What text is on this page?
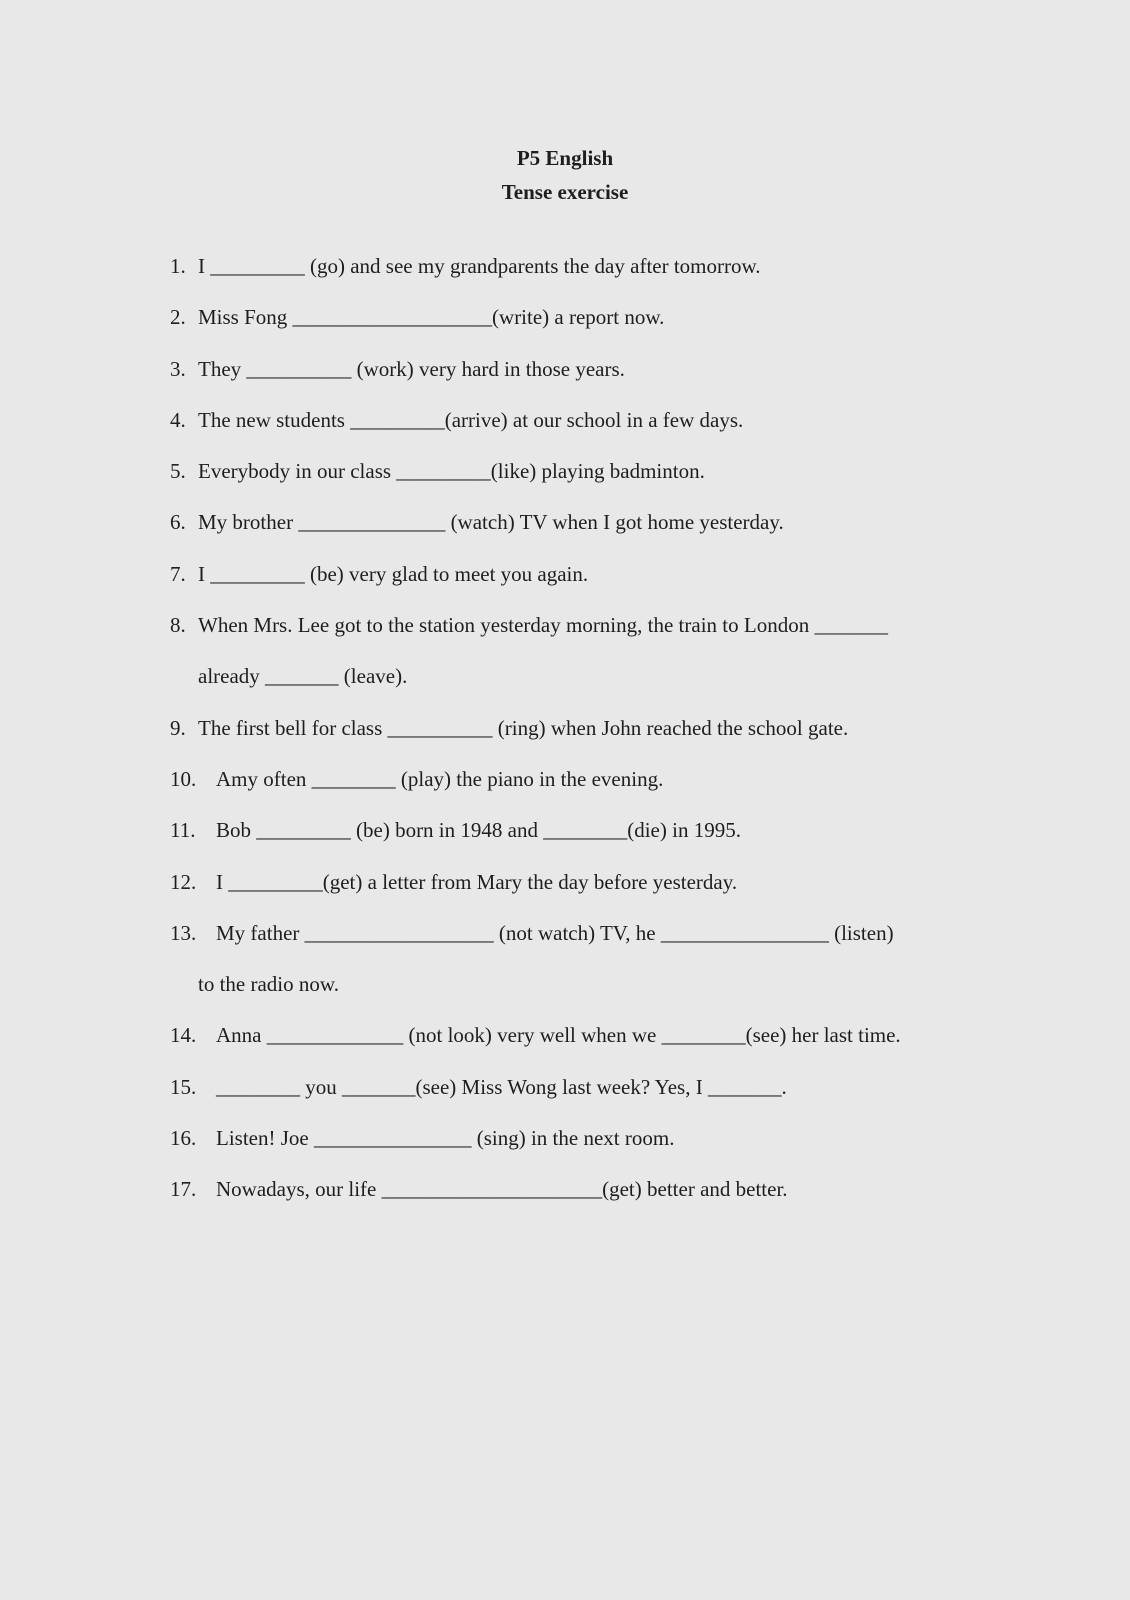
P5 English
Tense exercise

1.

I _________ (go) and see my grandparents the day after tomorrow.

2.

Miss Fong ___________________(write) a report now.

3.

They __________ (work) very hard in those years.

4.

The new students _________(arrive) at our school in a few days.

5.

Everybody in our class _________(like) playing badminton.

6.

My brother ______________ (watch) TV when I got home yesterday.

7.

I _________ (be) very glad to meet you again.

8.

When Mrs. Lee got to the station yesterday morning, the train to London _______

already _______ (leave).

9.

The first bell for class __________ (ring) when John reached the school gate.

10.

Amy often ________ (play) the piano in the evening.

11.

Bob _________ (be) born in 1948 and ________(die) in 1995.

12.

I _________(get) a letter from Mary the day before yesterday.

13.

My father __________________ (not watch) TV, he ________________ (listen)

to the radio now.

14.

Anna _____________ (not look) very well when we ________(see) her last time.

15.

________ you _______(see) Miss Wong last week? Yes, I _______.

16.

Listen! Joe _______________ (sing) in the next room.

17.

Nowadays, our life _____________________(get) better and better.
